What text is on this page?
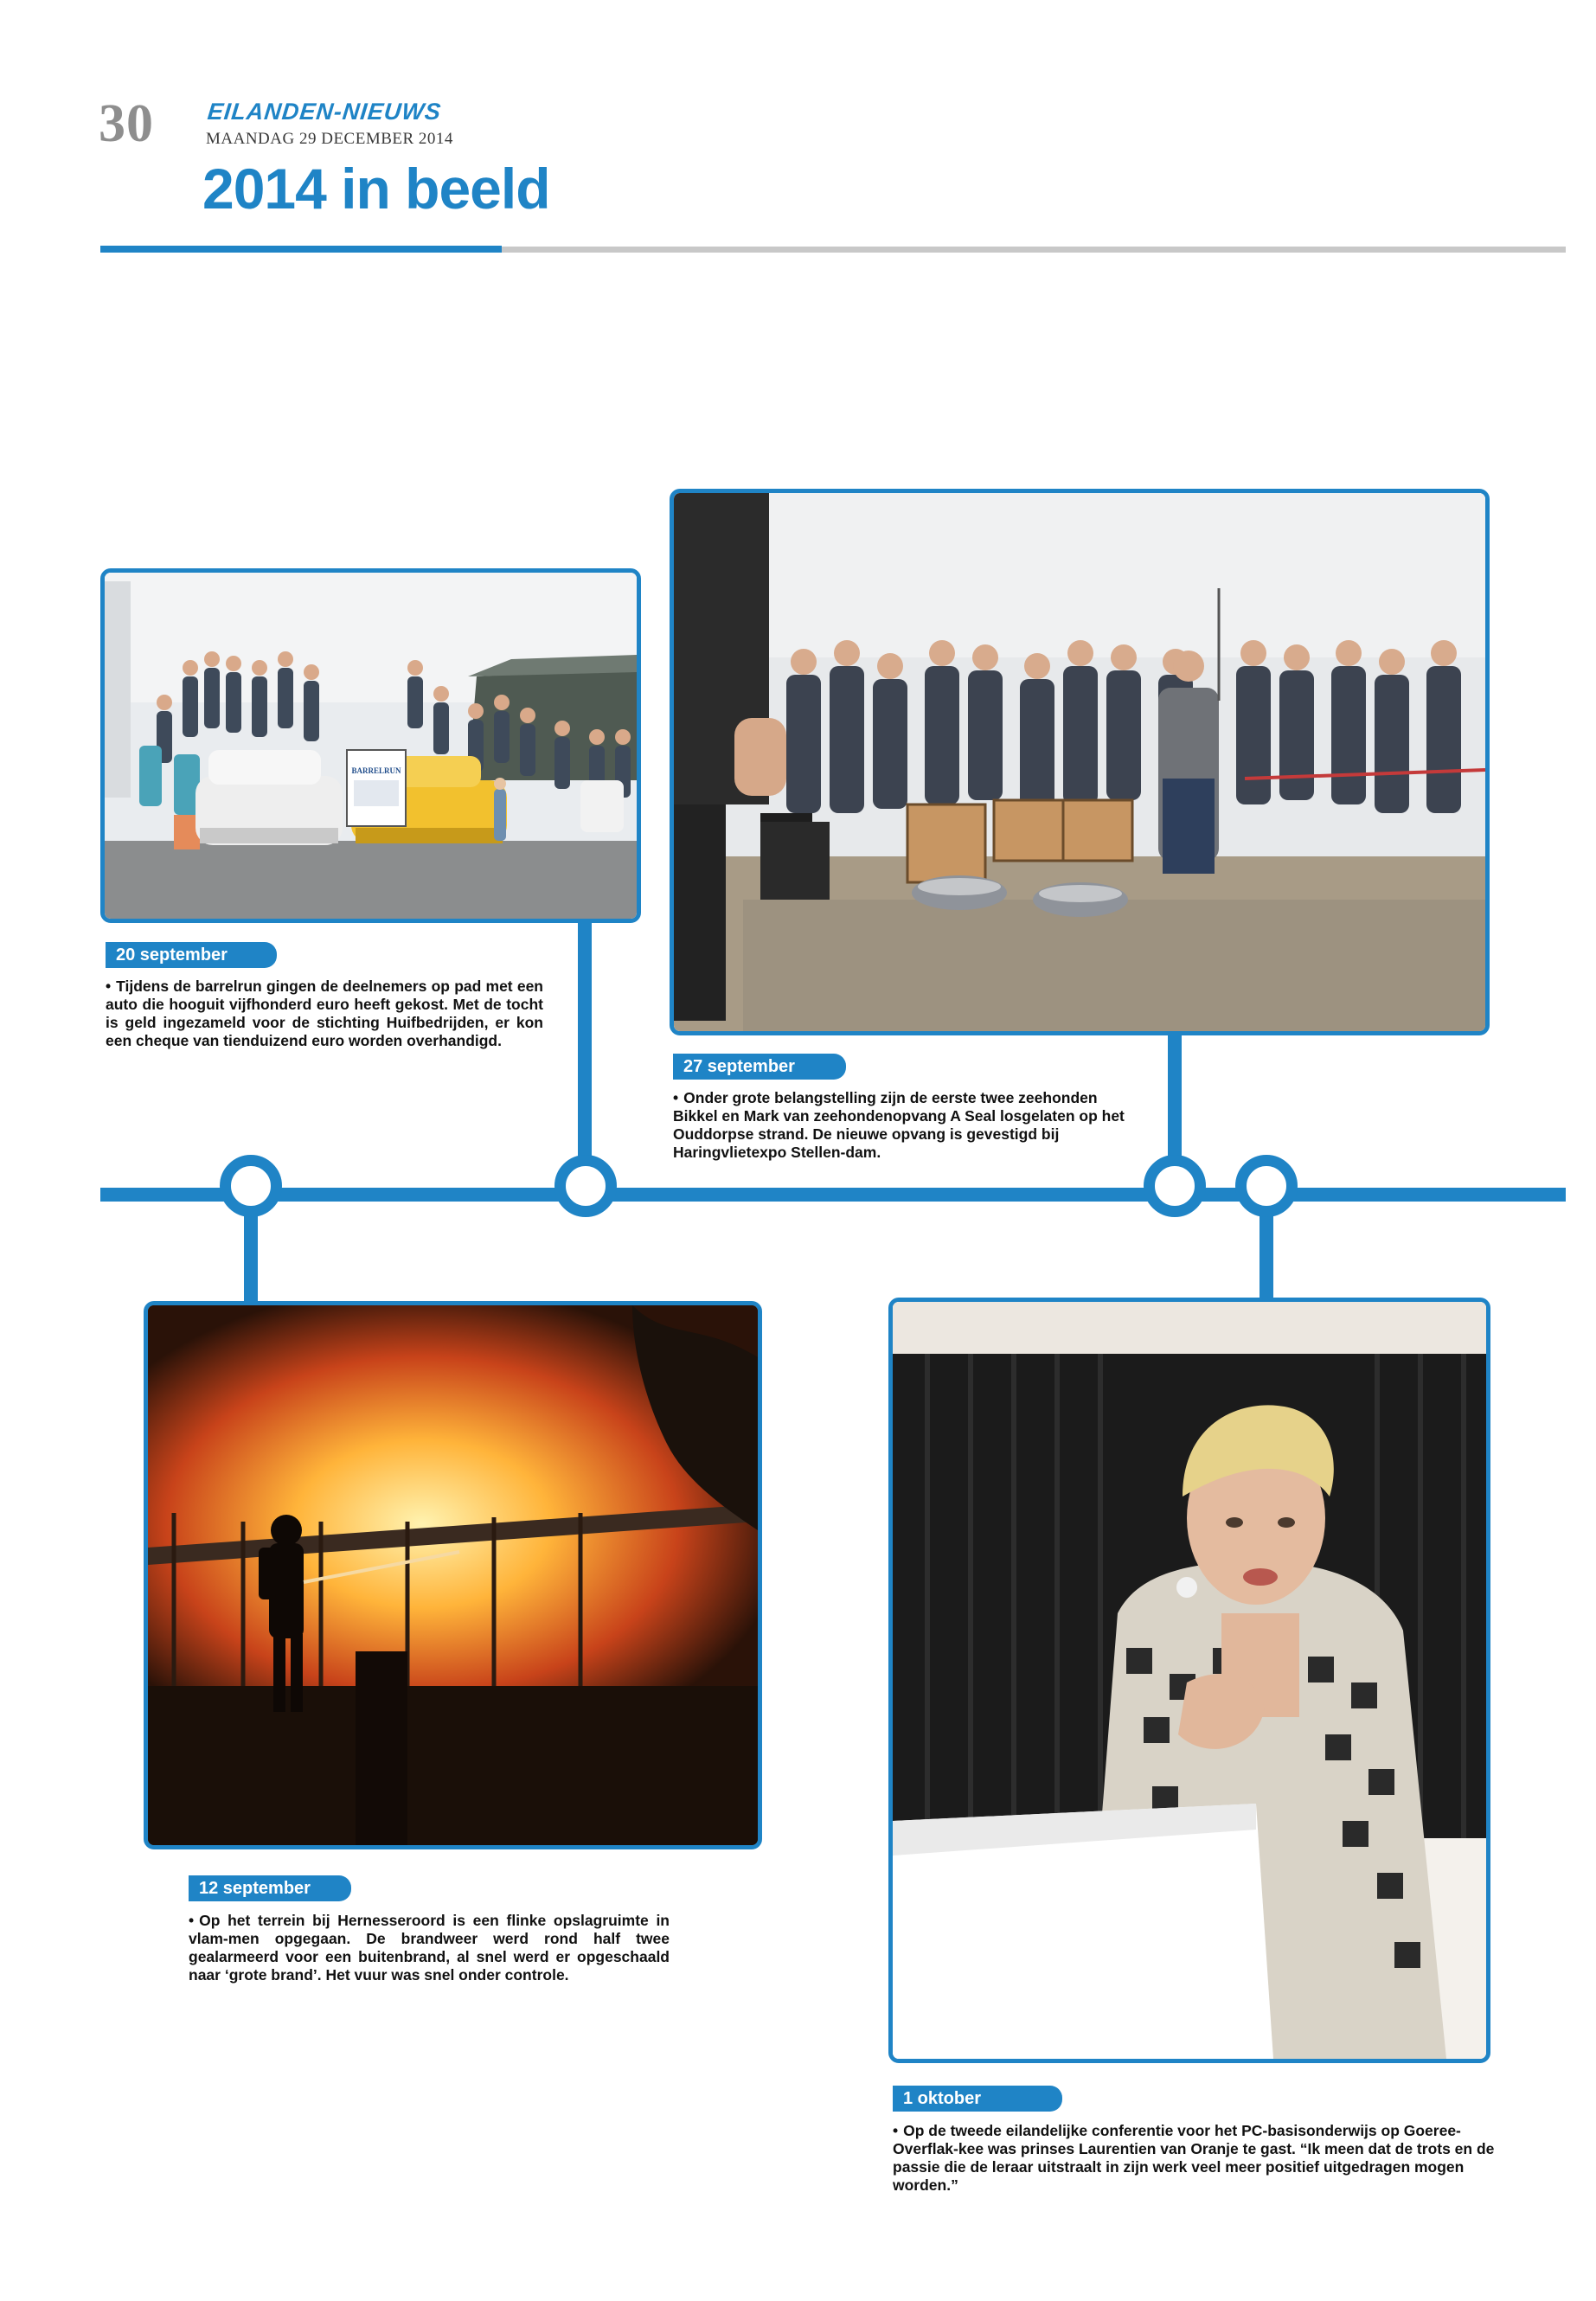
30 EILANDEN-NIEUWS
MAANDAG 29 DECEMBER 2014
2014 in beeld
BARRELRUN
20 september
• Tijdens de barrelrun gingen de deelnemers op pad met een auto die hooguit vijfhonderd euro heeft gekost. Met de tocht is geld ingezameld voor de stichting Huifbedrijden, er kon een cheque van tienduizend euro worden overhandigd.
27 september
• Onder grote belangstelling zijn de eerste twee zeehonden Bikkel en Mark van zeehondenopvang A Seal losgelaten op het Ouddorpse strand. De nieuwe opvang is gevestigd bij Haringvlietexpo Stellen-dam.
12 september
• Op het terrein bij Hernesseroord is een flinke opslagruimte in vlam-men opgegaan. De brandweer werd rond half twee gealarmeerd voor een buitenbrand, al snel werd er opgeschaald naar ‘grote brand’. Het vuur was snel onder controle.
1 oktober
• Op de tweede eilandelijke conferentie voor het PC-basisonderwijs op Goeree-Overflak-kee was prinses Laurentien van Oranje te gast. “Ik meen dat de trots en de passie die de leraar uitstraalt in zijn werk veel meer positief uitgedragen mogen worden.”
